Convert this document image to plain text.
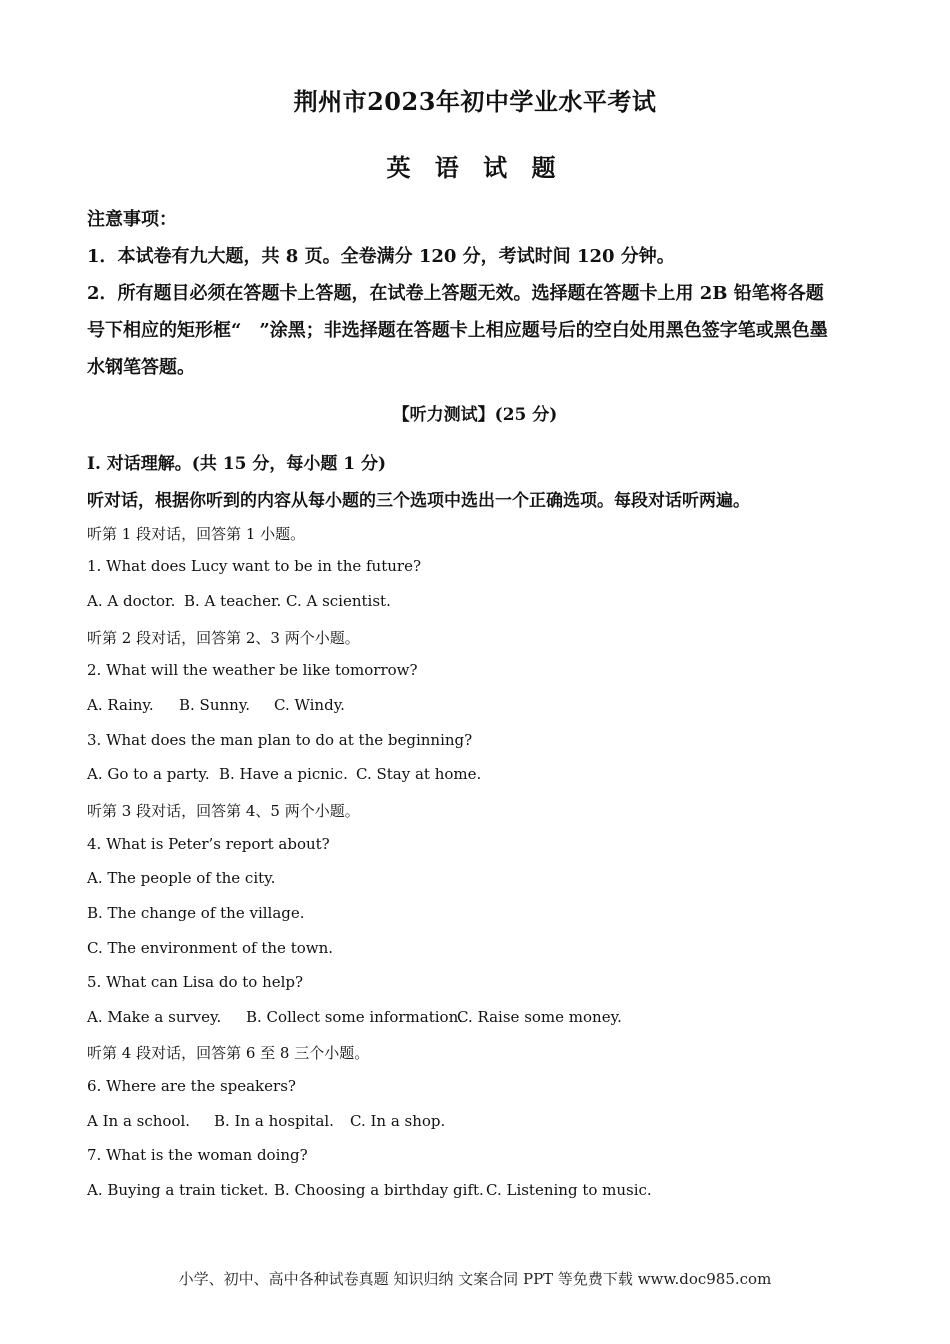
荆州市2023年初中学业水平考试
英 语 试 题
注意事项：
1．本试卷有九大题，共 8 页。全卷满分 120 分，考试时间 120 分钟。
2．所有题目必须在答题卡上答题，在试卷上答题无效。选择题在答题卡上用 2B 铅笔将各题
号下相应的矩形框“　”涂黑；非选择题在答题卡上相应题号后的空白处用黑色签字笔或黑色墨
水钢笔答题。
【听力测试】(25 分)
Ⅰ. 对话理解。(共 15 分，每小题 1 分)
听对话，根据你听到的内容从每小题的三个选项中选出一个正确选项。每段对话听两遍。
听第 1 段对话，回答第 1 小题。
1. What does Lucy want to be in the future?
A. A doctor. B. A teacher. C. A scientist.
听第 2 段对话，回答第 2、3 两个小题。
2. What will the weather be like tomorrow?
A. Rainy. B. Sunny. C. Windy.
3. What does the man plan to do at the beginning?
A. Go to a party. B. Have a picnic. C. Stay at home.
听第 3 段对话，回答第 4、5 两个小题。
4. What is Peter’s report about?
A. The people of the city.
B. The change of the village.
C. The environment of the town.
5. What can Lisa do to help?
A. Make a survey. B. Collect some information.C. Raise some money.
听第 4 段对话，回答第 6 至 8 三个小题。
6. Where are the speakers?
A In a school. B. In a hospital. C. In a shop.
7. What is the woman doing?
A. Buying a train ticket. B. Choosing a birthday gift. C. Listening to music.
小学、初中、高中各种试卷真题 知识归纳 文案合同 PPT 等免费下载 www.doc985.com
